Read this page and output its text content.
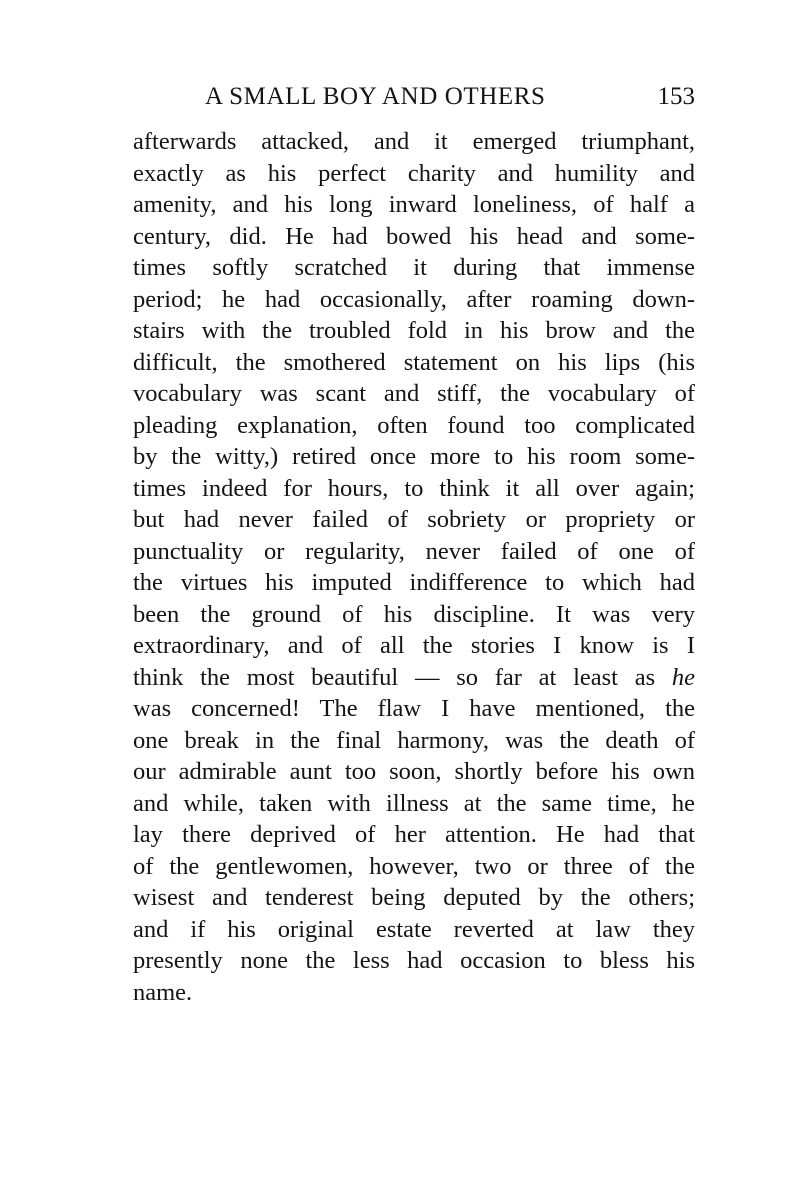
A SMALL BOY AND OTHERS	153
afterwards attacked, and it emerged triumphant,
exactly as his perfect charity and humility and
amenity, and his long inward loneliness, of half a
century, did. He had bowed his head and some-
times softly scratched it during that immense
period; he had occasionally, after roaming down-
stairs with the troubled fold in his brow and the
difficult, the smothered statement on his lips (his
vocabulary was scant and stiff, the vocabulary of
pleading explanation, often found too complicated
by the witty,) retired once more to his room some-
times indeed for hours, to think it all over again;
but had never failed of sobriety or propriety or
punctuality or regularity, never failed of one of
the virtues his imputed indifference to which had
been the ground of his discipline. It was very
extraordinary, and of all the stories I know is I
think the most beautiful — so far at least as he
was concerned! The flaw I have mentioned, the
one break in the final harmony, was the death of
our admirable aunt too soon, shortly before his own
and while, taken with illness at the same time, he
lay there deprived of her attention. He had that
of the gentlewomen, however, two or three of the
wisest and tenderest being deputed by the others;
and if his original estate reverted at law they
presently none the less had occasion to bless his
name.
